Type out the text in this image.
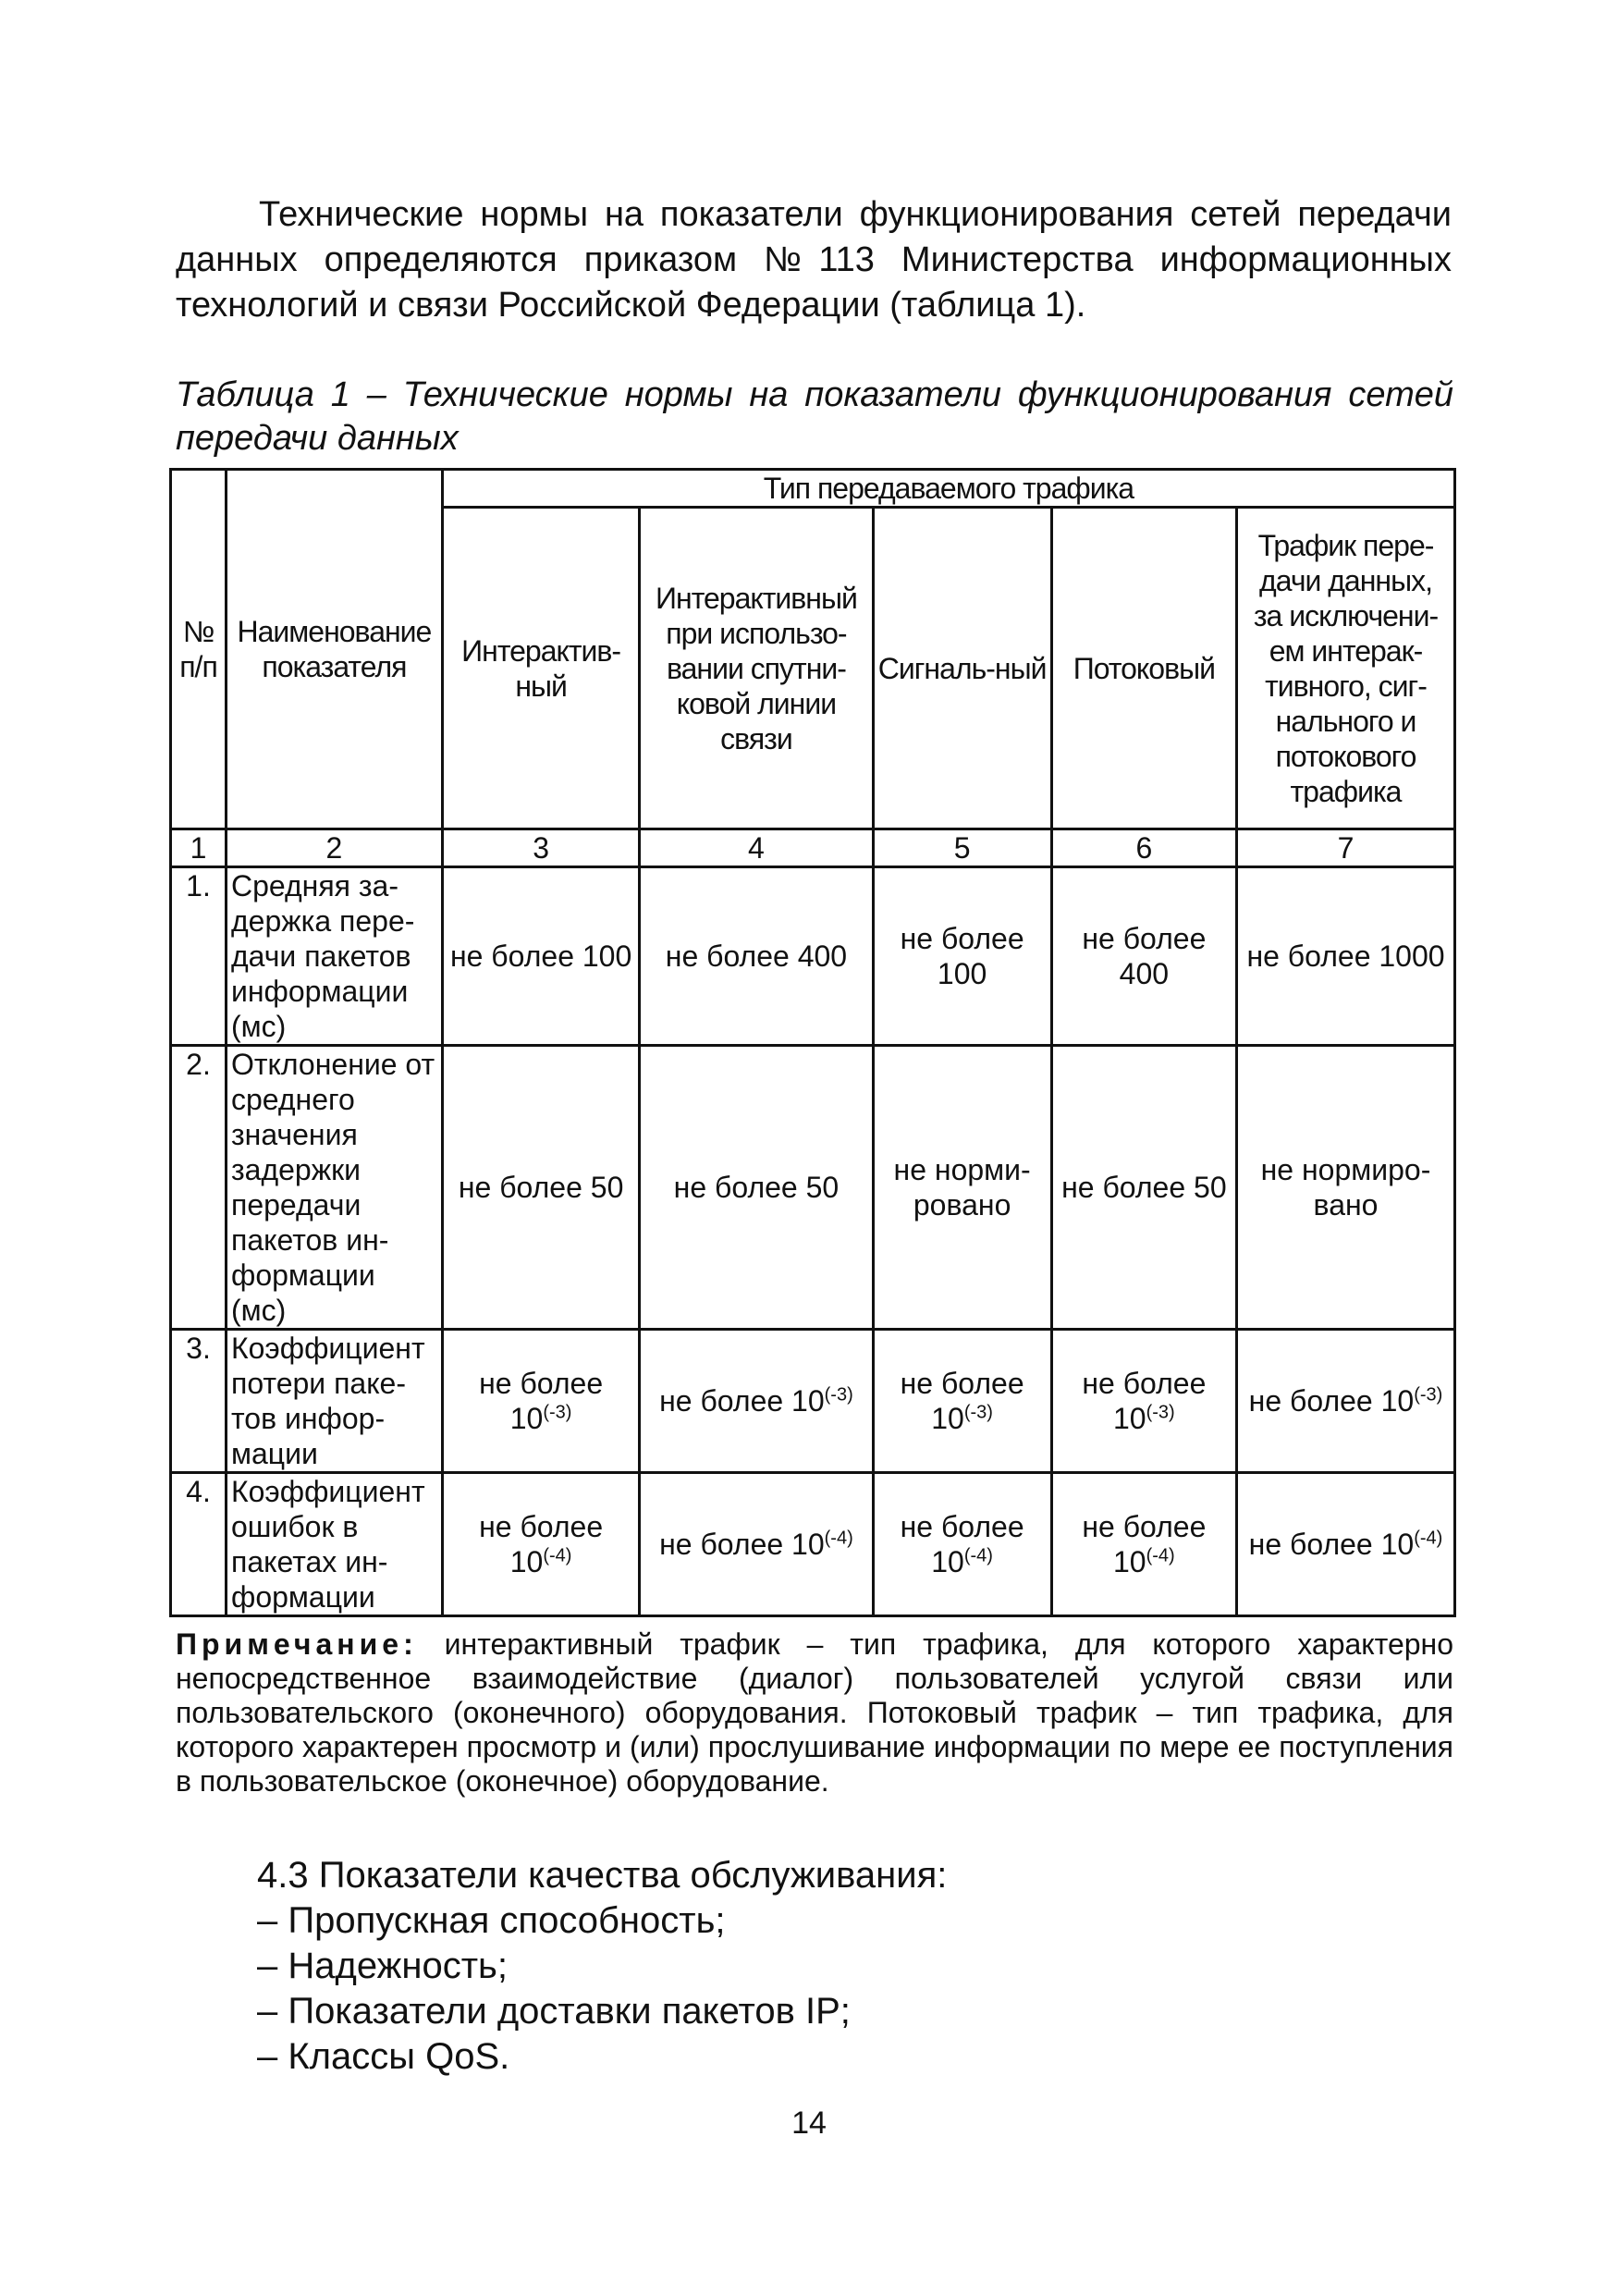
Технические нормы на показатели функционирования сетей передачи данных определяются приказом №113 Министерства информационных технологий и связи Российской Федерации (таблица 1).

Таблица 1 – Технические нормы на показатели функционирования сетей передачи данных

№ п/п	Наименование показателя	Тип передаваемого трафика				
		Интерактив-ный	Интерактивный при использо-вании спутни-ковой линии связи	Сигналь-ный	Потоковый	Трафик пере-дачи данных, за исключени-ем интерак-тивного, сиг-нального и потокового трафика
1	2	3	4	5	6	7
1.	Средняя за-держка пере-дачи пакетов информации (мс)	не более 100	не более 400	не более 100	не более 400	не более 1000
2.	Отклонение от среднего значения задержки передачи пакетов ин-формации (мс)	не более 50	не более 50	не норми-ровано	не более 50	не нормиро-вано
3.	Коэффициент потери паке-тов инфор-мации	не более $10^{(-3)}$	не более $10^{(-3)}$	не более $10^{(-3)}$	не более $10^{(-3)}$	не более $10^{(-3)}$
4.	Коэффициент ошибок в пакетах ин-формации	не более $10^{(-4)}$	не более $10^{(-4)}$	не более $10^{(-4)}$	не более $10^{(-4)}$	не более $10^{(-4)}$

Примечание: интерактивный трафик – тип трафика, для которого характерно непосредственное взаимодействие (диалог) пользователей услугой связи или пользовательского (оконечного) оборудования. Потоковый трафик – тип трафика, для которого характерен просмотр и (или) прослушивание информации по мере ее поступления в пользовательское (оконечное) оборудование.

4.3 Показатели качества обслуживания:
– Пропускная способность;
– Надежность;
– Показатели доставки пакетов IP;
– Классы QoS.
14
